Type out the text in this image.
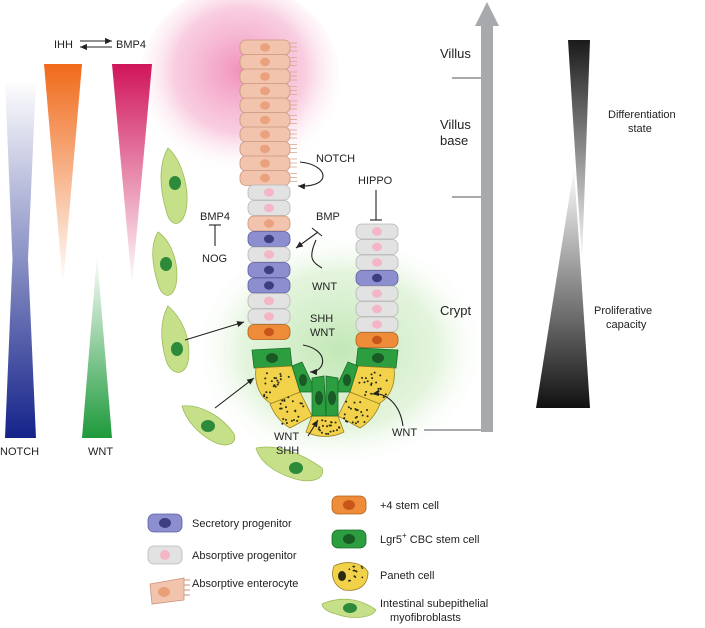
IHH	BMP4
NOTCH	WNT
NOTCH
HIPPO
BMP
BMP4
NOG
WNT
SHH
WNT
WNT
SHH
WNT
Villus
Villus
base
Crypt
Differentiation
state
Proliferative
capacity
Secretory progenitor
Absorptive progenitor
Absorptive enterocyte
+4 stem cell
Lgr5+ CBC stem cell
Paneth cell
Intestinal subepithelial
myofibroblasts
